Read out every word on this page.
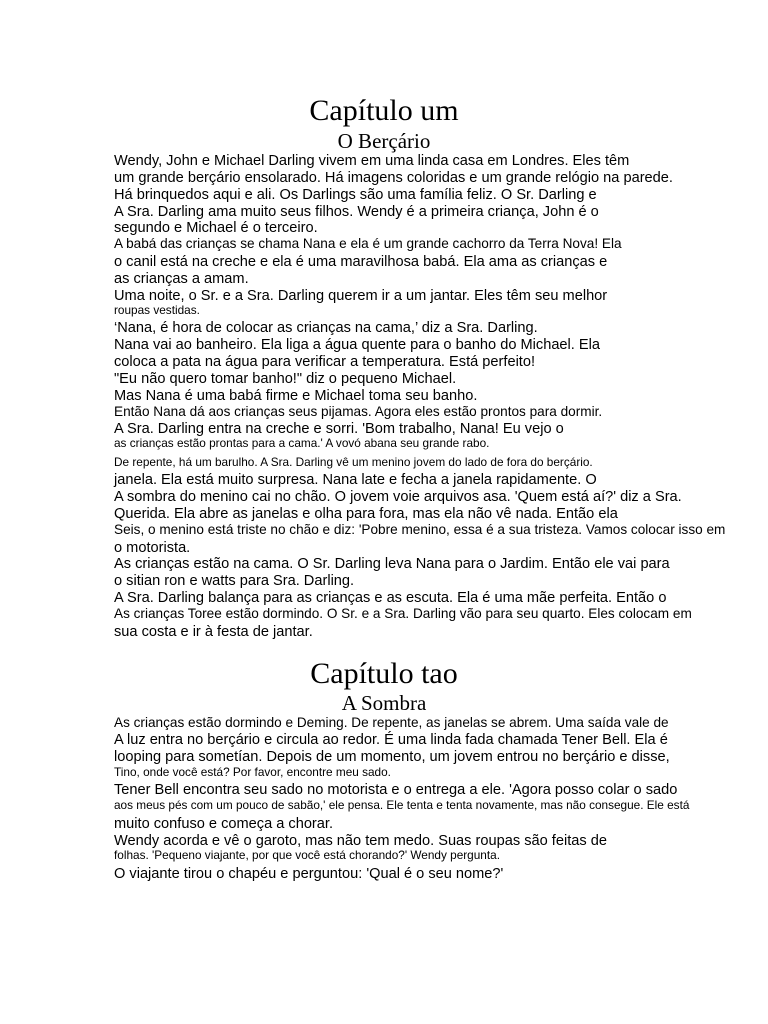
Capítulo um
O Berçário

Wendy, John e Michael Darling vivem em uma linda casa em Londres. Eles têm

um grande berçário ensolarado. Há imagens coloridas e um grande relógio na parede.

Há brinquedos aqui e ali. Os Darlings são uma família feliz. O Sr. Darling e

A Sra. Darling ama muito seus filhos. Wendy é a primeira criança, John é o

segundo e Michael é o terceiro.

A babá das crianças se chama Nana e ela é um grande cachorro da Terra Nova! Ela

o canil está na creche e ela é uma maravilhosa babá. Ela ama as crianças e

as crianças a amam.

Uma noite, o Sr. e a Sra. Darling querem ir a um jantar. Eles têm seu melhor

roupas vestidas.

‘Nana, é hora de colocar as crianças na cama,’ diz a Sra. Darling.

Nana vai ao banheiro. Ela liga a água quente para o banho do Michael. Ela

coloca a pata na água para verificar a temperatura. Está perfeito!

"Eu não quero tomar banho!" diz o pequeno Michael.

Mas Nana é uma babá firme e Michael toma seu banho.

Então Nana dá aos crianças seus pijamas. Agora eles estão prontos para dormir.

A Sra. Darling entra na creche e sorri. 'Bom trabalho, Nana! Eu vejo o

as crianças estão prontas para a cama.' A vovó abana seu grande rabo.

De repente, há um barulho. A Sra. Darling vê um menino jovem do lado de fora do berçário.

janela. Ela está muito surpresa. Nana late e fecha a janela rapidamente. O

A sombra do menino cai no chão. O jovem voie arquivos asa. 'Quem está aí?' diz a Sra.

Querida. Ela abre as janelas e olha para fora, mas ela não vê nada. Então ela

Seis, o menino está triste no chão e diz: 'Pobre menino, essa é a sua tristeza. Vamos colocar isso em

o motorista.

As crianças estão na cama. O Sr. Darling leva Nana para o Jardim. Então ele vai para

o sitian ron e watts para Sra. Darling.

A Sra. Darling balança para as crianças e as escuta. Ela é uma mãe perfeita. Então o

As crianças Toree estão dormindo. O Sr. e a Sra. Darling vão para seu quarto. Eles colocam em

sua costa e ir à festa de jantar.

Capítulo tao
A Sombra

As crianças estão dormindo e Deming. De repente, as janelas se abrem. Uma saída vale de

A luz entra no berçário e circula ao redor. É uma linda fada chamada Tener Bell. Ela é

looping para sometían. Depois de um momento, um jovem entrou no berçário e disse,

Tino, onde você está? Por favor, encontre meu sado.

Tener Bell encontra seu sado no motorista e o entrega a ele. 'Agora posso colar o sado

aos meus pés com um pouco de sabão,' ele pensa. Ele tenta e tenta novamente, mas não consegue. Ele está

muito confuso e começa a chorar.

Wendy acorda e vê o garoto, mas não tem medo. Suas roupas são feitas de

folhas. 'Pequeno viajante, por que você está chorando?' Wendy pergunta.

O viajante tirou o chapéu e perguntou: 'Qual é o seu nome?'
